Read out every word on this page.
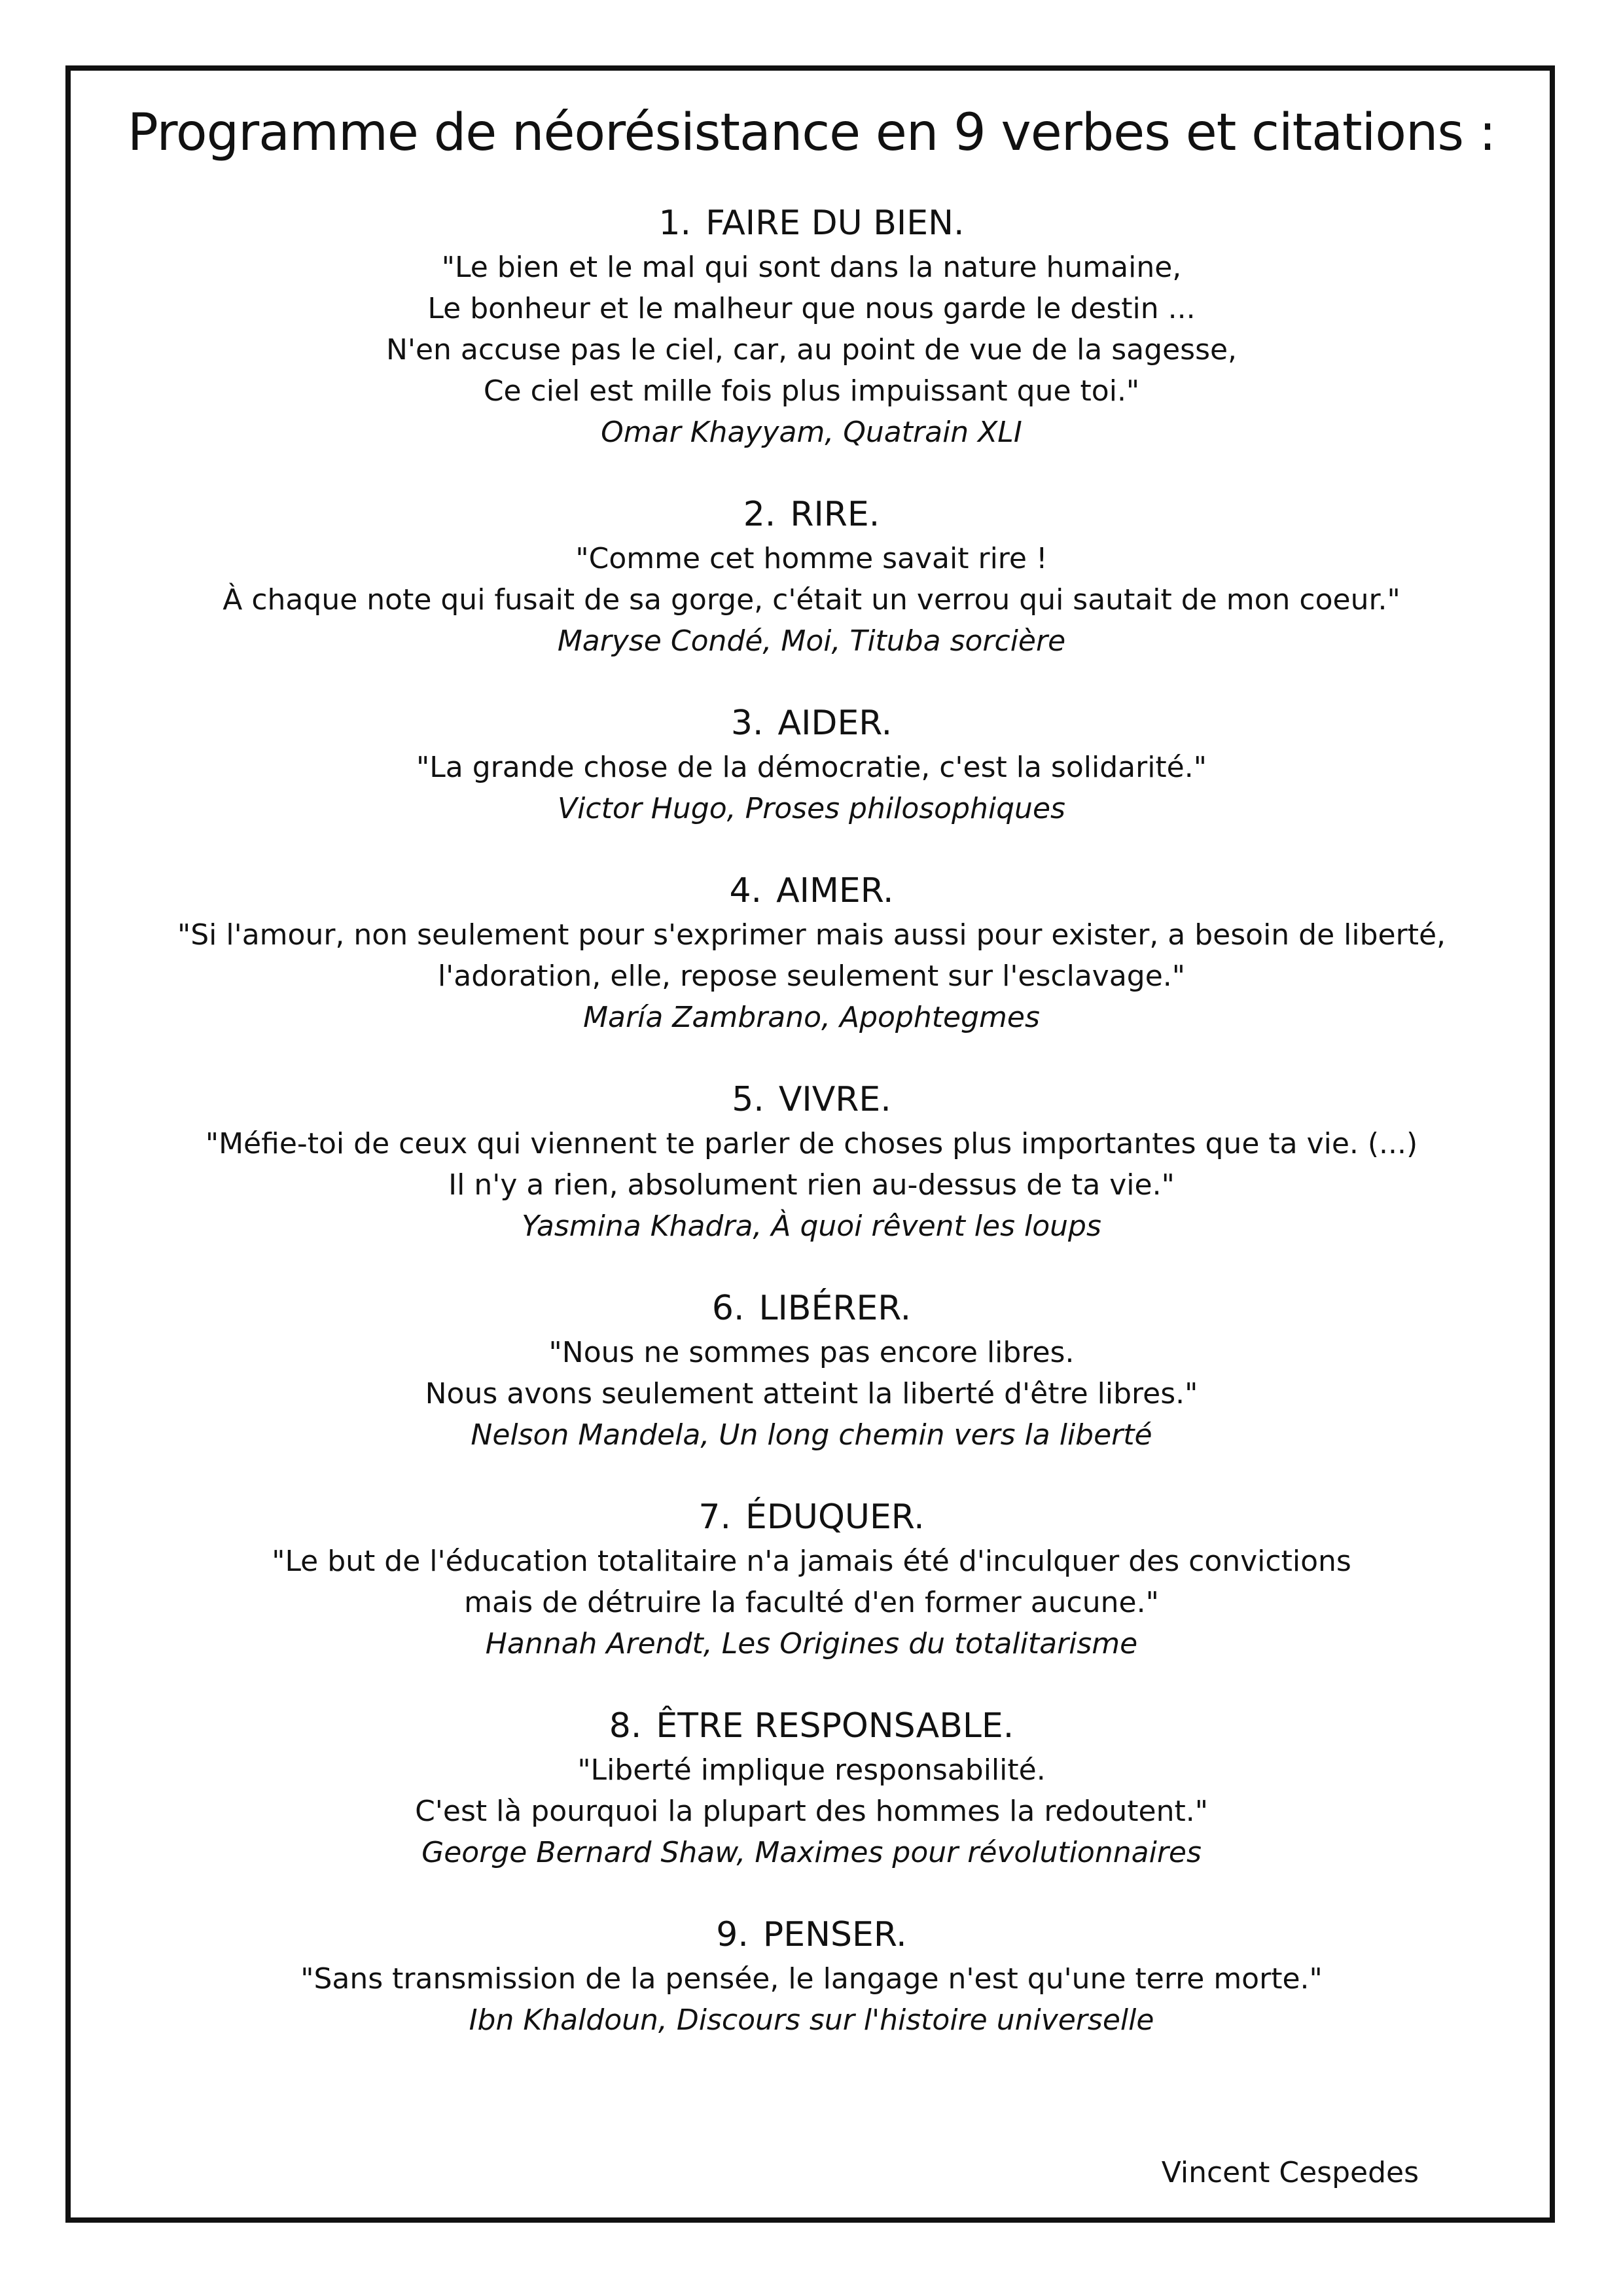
Programme de néorésistance en 9 verbes et citations :
1. FAIRE DU BIEN.
"Le bien et le mal qui sont dans la nature humaine,
Le bonheur et le malheur que nous garde le destin ...
N'en accuse pas le ciel, car, au point de vue de la sagesse,
Ce ciel est mille fois plus impuissant que toi."
Omar Khayyam, Quatrain XLI
2. RIRE.
"Comme cet homme savait rire !
À chaque note qui fusait de sa gorge, c'était un verrou qui sautait de mon coeur."
Maryse Condé, Moi, Tituba sorcière
3. AIDER.
"La grande chose de la démocratie, c'est la solidarité."
Victor Hugo, Proses philosophiques
4. AIMER.
"Si l'amour, non seulement pour s'exprimer mais aussi pour exister, a besoin de liberté,
l'adoration, elle, repose seulement sur l'esclavage."
María Zambrano, Apophtegmes
5. VIVRE.
"Méfie-toi de ceux qui viennent te parler de choses plus importantes que ta vie. (...)
Il n'y a rien, absolument rien au-dessus de ta vie."
Yasmina Khadra, À quoi rêvent les loups
6. LIBÉRER.
"Nous ne sommes pas encore libres.
Nous avons seulement atteint la liberté d'être libres."
Nelson Mandela, Un long chemin vers la liberté
7. ÉDUQUER.
"Le but de l'éducation totalitaire n'a jamais été d'inculquer des convictions
mais de détruire la faculté d'en former aucune."
Hannah Arendt, Les Origines du totalitarisme
8. ÊTRE RESPONSABLE.
"Liberté implique responsabilité.
C'est là pourquoi la plupart des hommes la redoutent."
George Bernard Shaw, Maximes pour révolutionnaires
9. PENSER.
"Sans transmission de la pensée, le langage n'est qu'une terre morte."
Ibn Khaldoun, Discours sur l'histoire universelle
Vincent Cespedes
